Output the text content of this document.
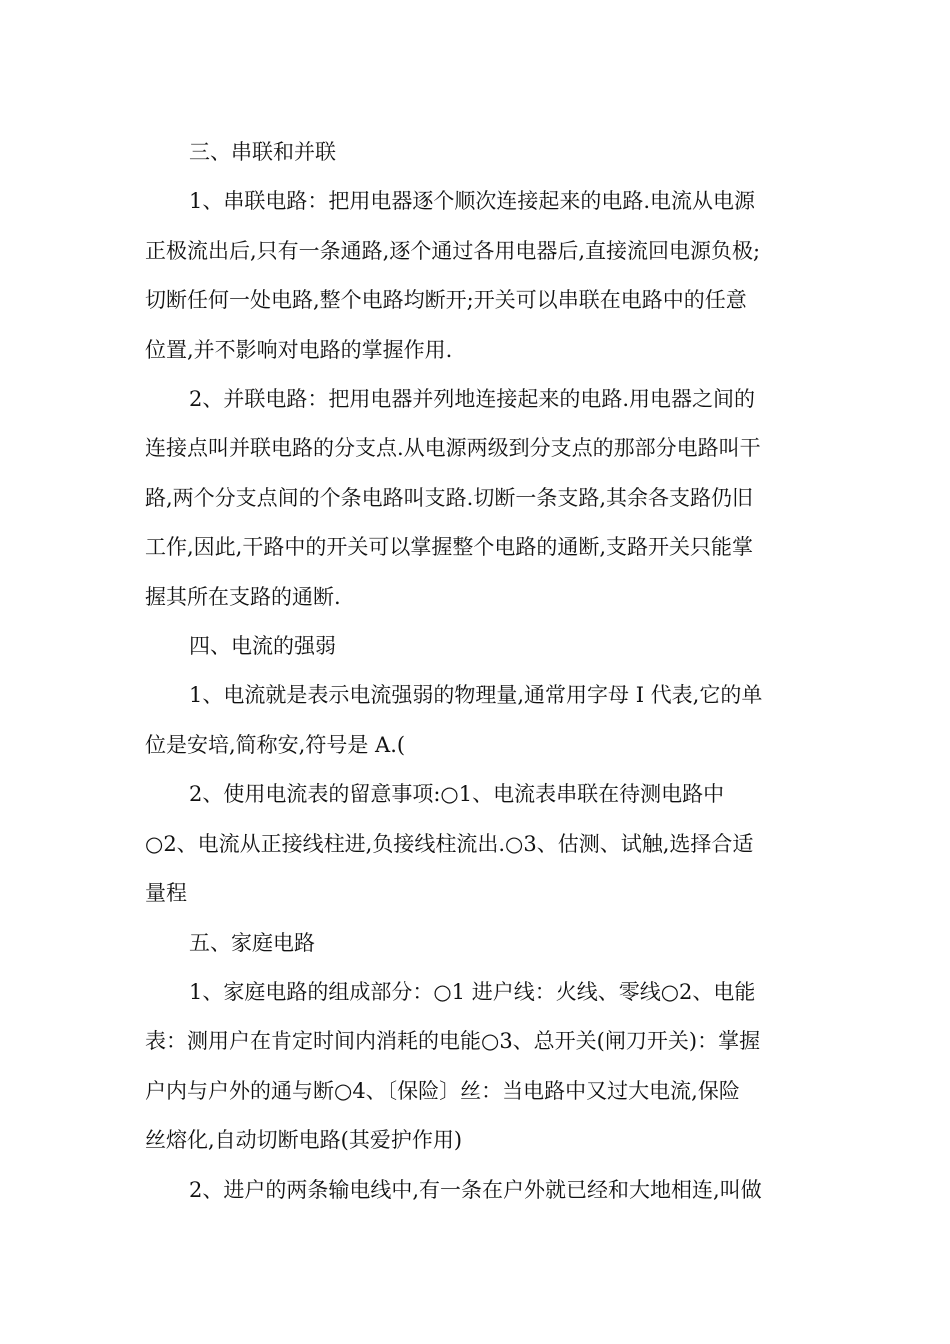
三、串联和并联
1、串联电路：把用电器逐个顺次连接起来的电路.电流从电源
正极流出后,只有一条通路,逐个通过各用电器后,直接流回电源负极;
切断任何一处电路,整个电路均断开;开关可以串联在电路中的任意
位置,并不影响对电路的掌握作用.
2、并联电路：把用电器并列地连接起来的电路.用电器之间的
连接点叫并联电路的分支点.从电源两级到分支点的那部分电路叫干
路,两个分支点间的个条电路叫支路.切断一条支路,其余各支路仍旧
工作,因此,干路中的开关可以掌握整个电路的通断,支路开关只能掌
握其所在支路的通断.
四、电流的强弱
1、电流就是表示电流强弱的物理量,通常用字母 I 代表,它的单
位是安培,简称安,符号是 A.(
2、使用电流表的留意事项:○1、电流表串联在待测电路中
○2、电流从正接线柱进,负接线柱流出.○3、估测、试触,选择合适
量程
五、家庭电路
1、家庭电路的组成部分：○1 进户线：火线、零线○2、电能
表：测用户在肯定时间内消耗的电能○3、总开关(闸刀开关)：掌握
户内与户外的通与断○4、〔保险〕丝：当电路中又过大电流,保险
丝熔化,自动切断电路(其爱护作用)
2、进户的两条输电线中,有一条在户外就已经和大地相连,叫做
